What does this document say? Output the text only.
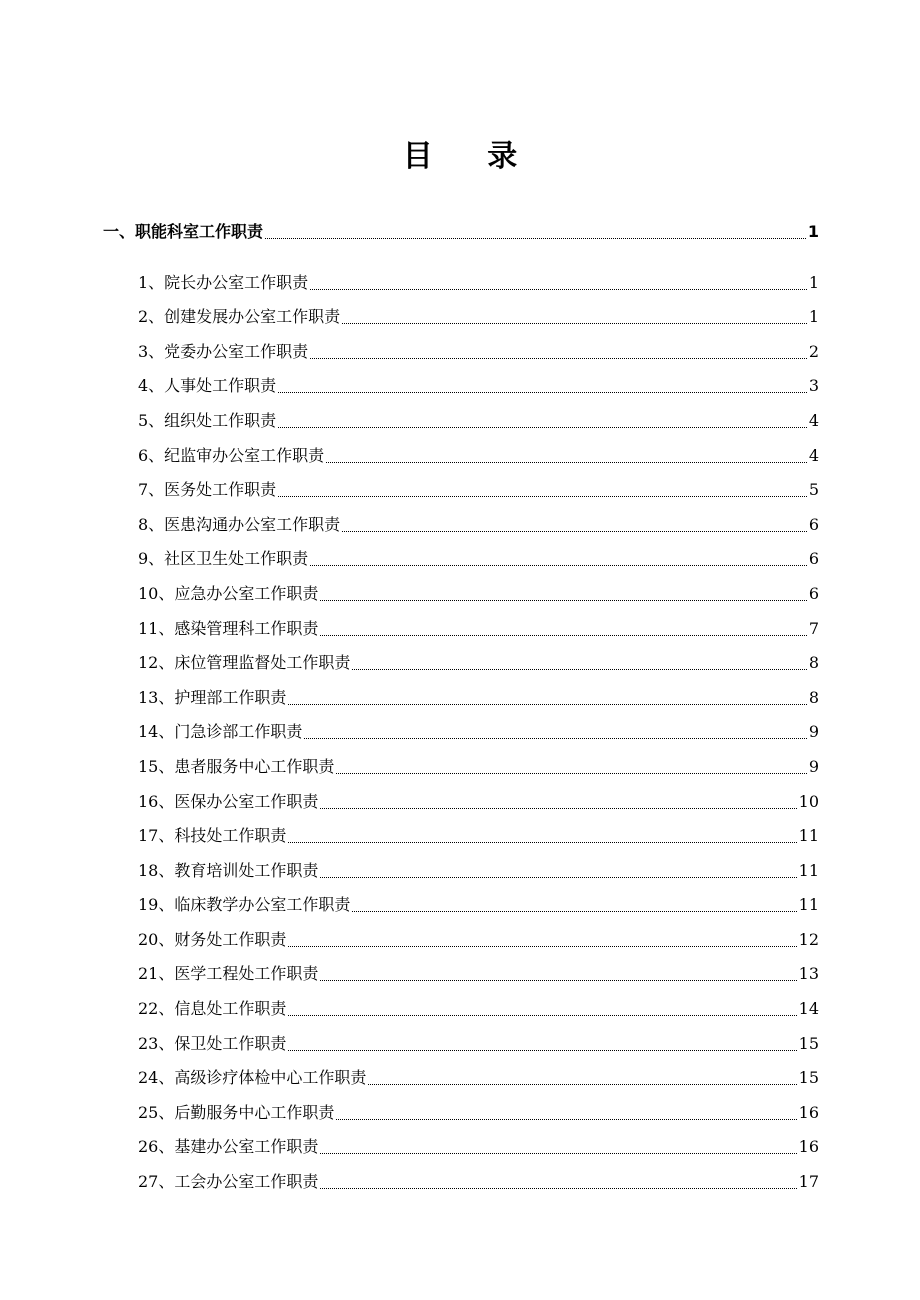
目 录
一、职能科室工作职责	1
1、院长办公室工作职责	1
2、创建发展办公室工作职责	1
3、党委办公室工作职责	2
4、人事处工作职责	3
5、组织处工作职责	4
6、纪监审办公室工作职责	4
7、医务处工作职责	5
8、医患沟通办公室工作职责	6
9、社区卫生处工作职责	6
10、应急办公室工作职责	6
11、感染管理科工作职责	7
12、床位管理监督处工作职责	8
13、护理部工作职责	8
14、门急诊部工作职责	9
15、患者服务中心工作职责	9
16、医保办公室工作职责	10
17、科技处工作职责	11
18、教育培训处工作职责	11
19、临床教学办公室工作职责	11
20、财务处工作职责	12
21、医学工程处工作职责	13
22、信息处工作职责	14
23、保卫处工作职责	15
24、高级诊疗体检中心工作职责	15
25、后勤服务中心工作职责	16
26、基建办公室工作职责	16
27、工会办公室工作职责	17
